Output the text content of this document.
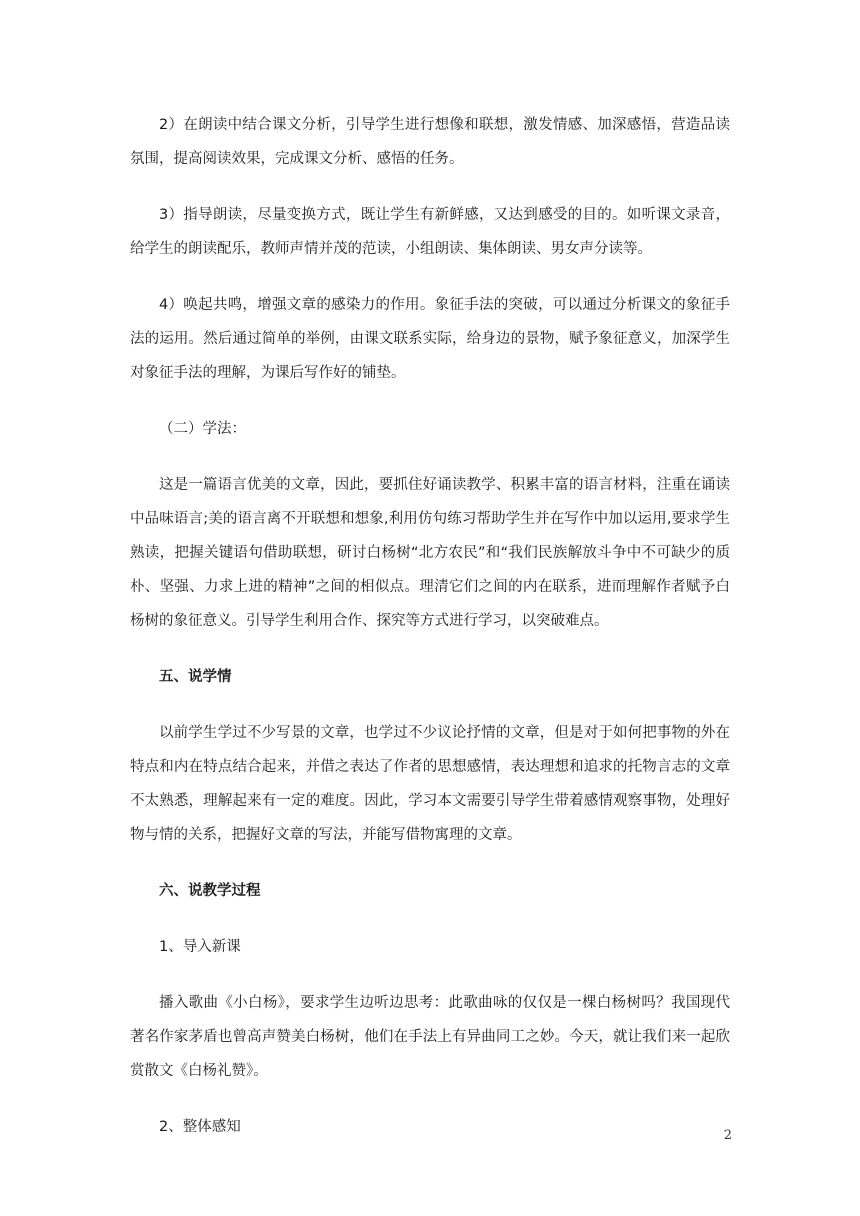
2）在朗读中结合课文分析，引导学生进行想像和联想，激发情感、加深感悟，营造品读氛围，提高阅读效果，完成课文分析、感悟的任务。

3）指导朗读，尽量变换方式，既让学生有新鲜感，又达到感受的目的。如听课文录音，给学生的朗读配乐，教师声情并茂的范读，小组朗读、集体朗读、男女声分读等。

4）唤起共鸣，增强文章的感染力的作用。象征手法的突破，可以通过分析课文的象征手法的运用。然后通过简单的举例，由课文联系实际，给身边的景物，赋予象征意义，加深学生对象征手法的理解，为课后写作好的铺垫。

（二）学法：

这是一篇语言优美的文章，因此，要抓住好诵读教学、积累丰富的语言材料，注重在诵读中品味语言;美的语言离不开联想和想象,利用仿句练习帮助学生并在写作中加以运用,要求学生熟读，把握关键语句借助联想，研讨白杨树“北方农民”和“我们民族解放斗争中不可缺少的质朴、坚强、力求上进的精神”之间的相似点。理清它们之间的内在联系，进而理解作者赋予白杨树的象征意义。引导学生利用合作、探究等方式进行学习，以突破难点。

五、说学情

以前学生学过不少写景的文章，也学过不少议论抒情的文章，但是对于如何把事物的外在特点和内在特点结合起来，并借之表达了作者的思想感情，表达理想和追求的托物言志的文章不太熟悉，理解起来有一定的难度。因此，学习本文需要引导学生带着感情观察事物，处理好物与情的关系，把握好文章的写法，并能写借物寓理的文章。

六、说教学过程

1、导入新课

播入歌曲《小白杨》，要求学生边听边思考：此歌曲咏的仅仅是一棵白杨树吗？我国现代著名作家茅盾也曾高声赞美白杨树，他们在手法上有异曲同工之妙。今天，就让我们来一起欣赏散文《白杨礼赞》。

2、整体感知

2
